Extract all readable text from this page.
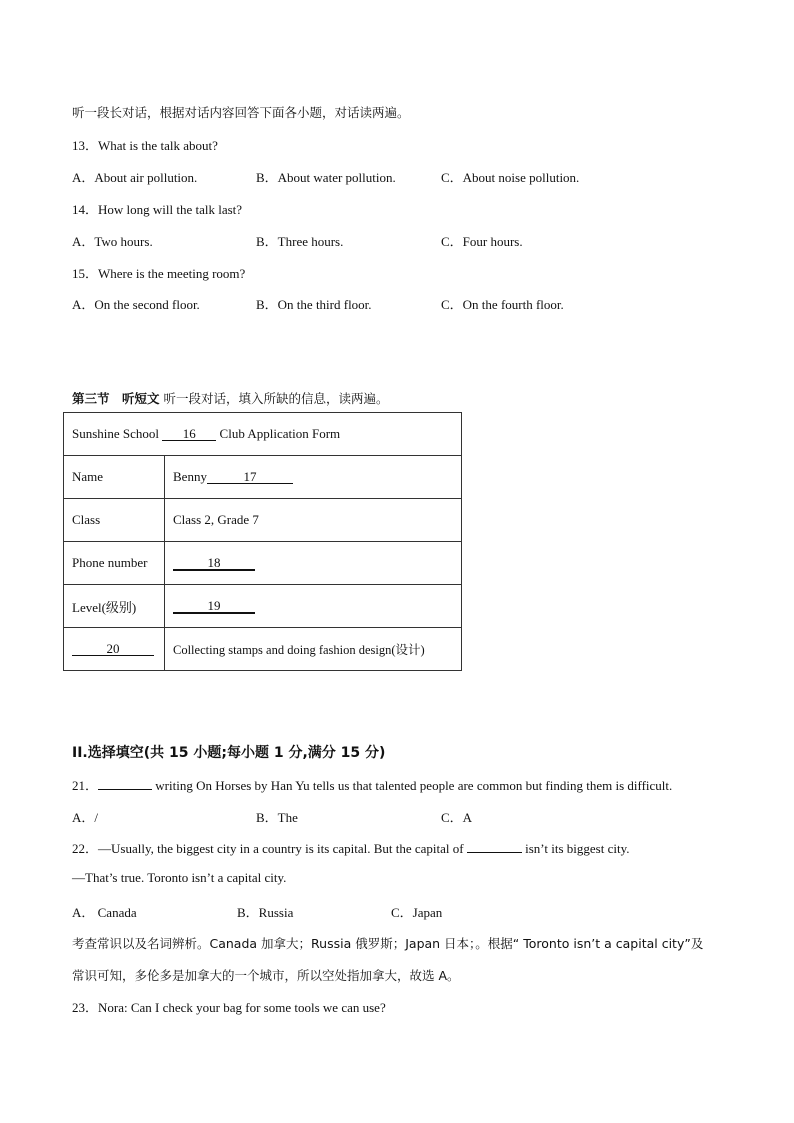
听一段长对话，根据对话内容回答下面各小题，对话读两遍。
13．What is the talk about?
A．About air pollution.	B．About water pollution.	C．About noise pollution.
14．How long will the talk last?
A．Two hours.	B．Three hours.	C．Four hours.
15．Where is the meeting room?
A．On the second floor.	B．On the third floor.	C．On the fourth floor.
第三节　听短文 听一段对话，填入所缺的信息，读两遍。
Sunshine School 16 Club Application Form	
Name	Benny 17
Class	Class 2, Grade 7
Phone number	18
Level(级别)	19
20	Collecting stamps and doing fashion design(设计)
II.选择填空(共 15 小题;每小题 1 分,满分 15 分)
21．	writing On Horses by Han Yu tells us that talented people are common but finding them is difficult.
A．/	B．The	C．A
22．—Usually, the biggest city in a country is its capital. But the capital of	isn’t its biggest city.
—That’s true. Toronto isn’t a capital city.
A． Canada	B．Russia	C．Japan
考查常识以及名词辨析。Canada 加拿大；Russia 俄罗斯；Japan 日本；。根据“ Toronto isn’t a capital city”及
常识可知，多伦多是加拿大的一个城市，所以空处指加拿大，故选 A。
23．Nora: Can I check your bag for some tools we can use?
